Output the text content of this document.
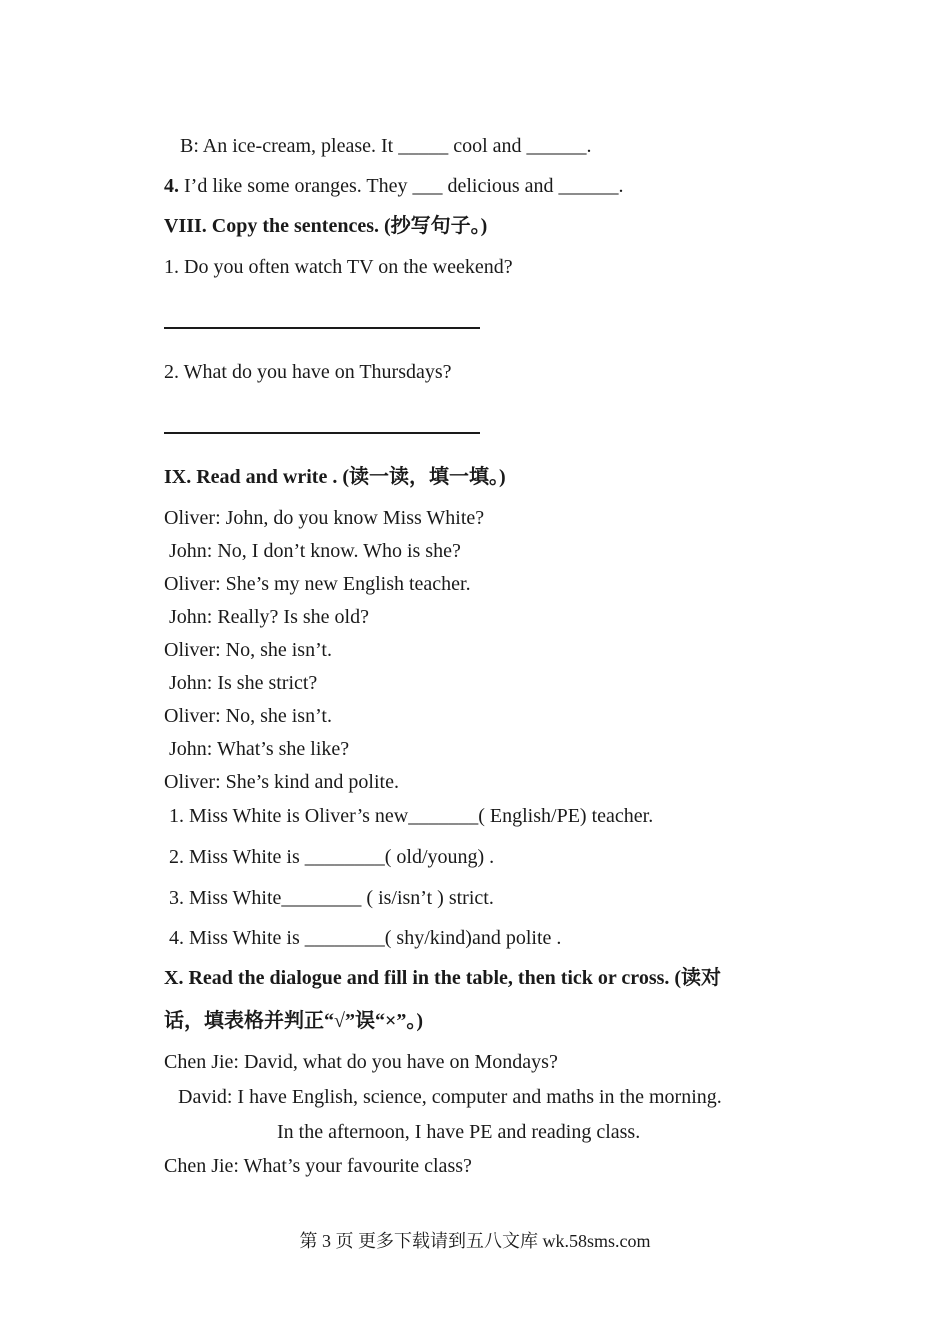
B: An ice-cream, please. It _____ cool and ______.
4. I’d like some oranges. They ___ delicious and ______.
VIII. Copy the sentences. (抄写句子。)
1. Do you often watch TV on the weekend?
2. What do you have on Thursdays?
IX. Read and write . (读一读，填一填。)
Oliver: John, do you know Miss White?
John: No, I don’t know. Who is she?
Oliver: She’s my new English teacher.
John: Really? Is she old?
Oliver: No, she isn’t.
John: Is she strict?
Oliver: No, she isn’t.
John: What’s she like?
Oliver: She’s kind and polite.
1. Miss White is Oliver’s new_______( English/PE) teacher.
2. Miss White is ________( old/young) .
3. Miss White________ ( is/isn’t ) strict.
4. Miss White is ________( shy/kind)and polite .
X. Read the dialogue and fill in the table, then tick or cross. (读对
话，填表格并判正“√”误“×”。)
Chen Jie: David, what do you have on Mondays?
David: I have English, science, computer and maths in the morning.
In the afternoon, I have PE and reading class.
Chen Jie: What’s your favourite class?
第 3 页 更多下载请到五八文库 wk.58sms.com
